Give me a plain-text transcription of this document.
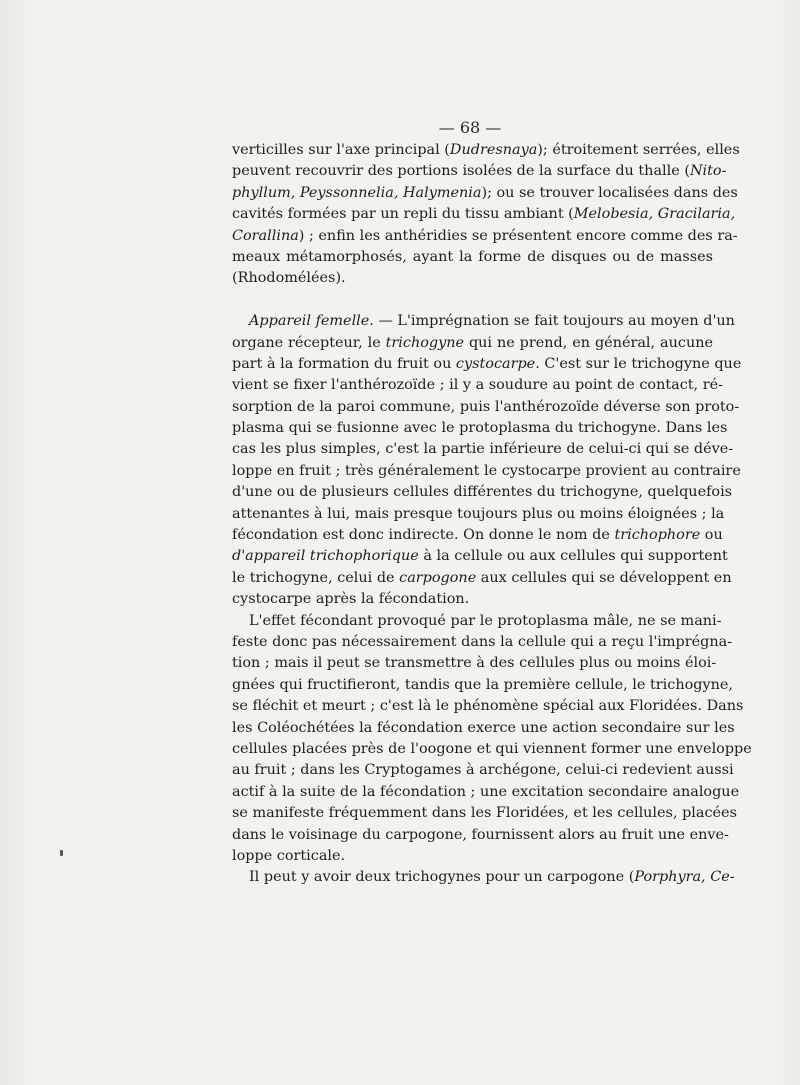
— 68 —
verticilles sur l'axe principal (Dudresnaya); étroitement serrées, elles
peuvent recouvrir des portions isolées de la surface du thalle (Nito-
phyllum, Peyssonnelia, Halymenia); ou se trouver localisées dans des
cavités formées par un repli du tissu ambiant (Melobesia, Gracilaria,
Corallina) ; enfin les anthéridies se présentent encore comme des ra-
meaux métamorphosés, ayant la forme de disques ou de masses
(Rhodomélées).
Appareil femelle. — L'imprégnation se fait toujours au moyen d'un
organe récepteur, le trichogyne qui ne prend, en général, aucune
part à la formation du fruit ou cystocarpe. C'est sur le trichogyne que
vient se fixer l'anthérozoïde ; il y a soudure au point de contact, ré-
sorption de la paroi commune, puis l'anthérozoïde déverse son proto-
plasma qui se fusionne avec le protoplasma du trichogyne. Dans les
cas les plus simples, c'est la partie inférieure de celui-ci qui se déve-
loppe en fruit ; très généralement le cystocarpe provient au contraire
d'une ou de plusieurs cellules différentes du trichogyne, quelquefois
attenantes à lui, mais presque toujours plus ou moins éloignées ; la
fécondation est donc indirecte. On donne le nom de trichophore ou
d'appareil trichophorique à la cellule ou aux cellules qui supportent
le trichogyne, celui de carpogone aux cellules qui se développent en
cystocarpe après la fécondation.
L'effet fécondant provoqué par le protoplasma mâle, ne se mani-
feste donc pas nécessairement dans la cellule qui a reçu l'imprégna-
tion ; mais il peut se transmettre à des cellules plus ou moins éloi-
gnées qui fructifieront, tandis que la première cellule, le trichogyne,
se fléchit et meurt ; c'est là le phénomène spécial aux Floridées. Dans
les Coléochétées la fécondation exerce une action secondaire sur les
cellules placées près de l'oogone et qui viennent former une enveloppe
au fruit ; dans les Cryptogames à archégone, celui-ci redevient aussi
actif à la suite de la fécondation ; une excitation secondaire analogue
se manifeste fréquemment dans les Floridées, et les cellules, placées
dans le voisinage du carpogone, fournissent alors au fruit une enve-
loppe corticale.
Il peut y avoir deux trichogynes pour un carpogone (Porphyra, Ce-
